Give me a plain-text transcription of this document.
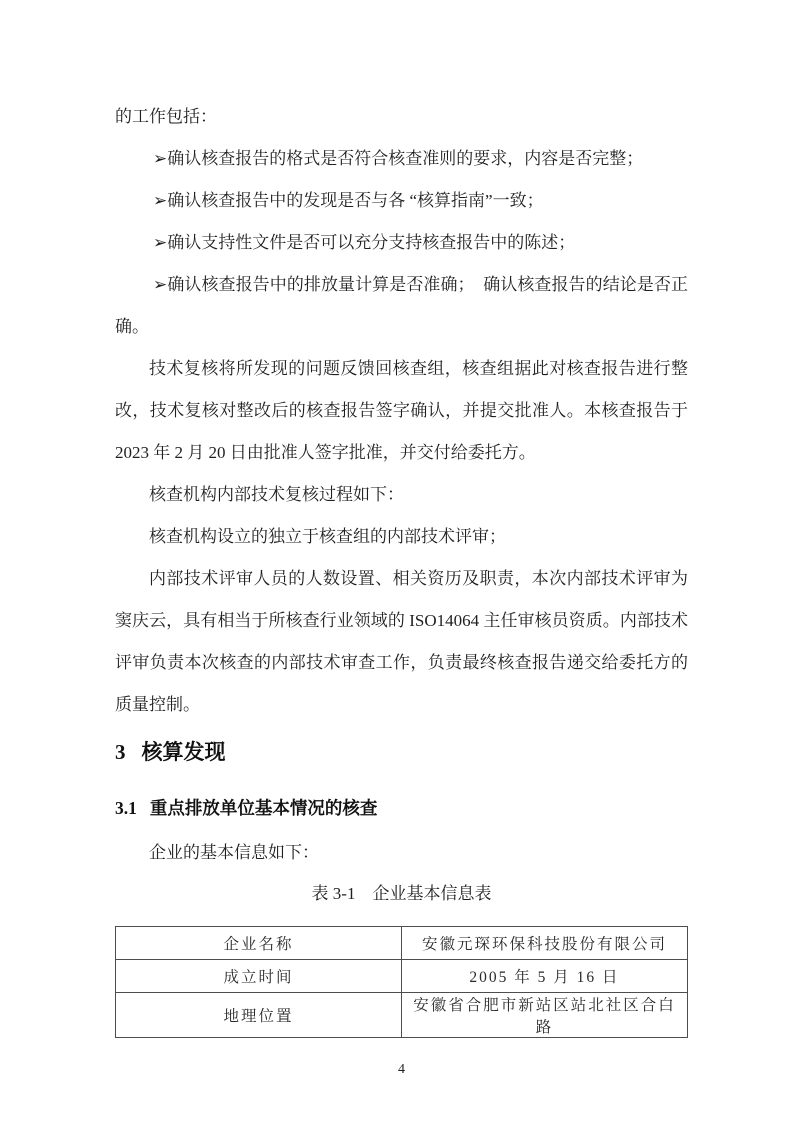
的工作包括：

➢确认核查报告的格式是否符合核查准则的要求，内容是否完整；

➢确认核查报告中的发现是否与各 “核算指南”一致；

➢确认支持性文件是否可以充分支持核查报告中的陈述；

➢确认核查报告中的排放量计算是否准确；　确认核查报告的结论是否正确。

技术复核将所发现的问题反馈回核查组，核查组据此对核查报告进行整改，技术复核对整改后的核查报告签字确认，并提交批准人。本核查报告于 2023 年 2 月 20 日由批准人签字批准，并交付给委托方。

核查机构内部技术复核过程如下：

核查机构设立的独立于核查组的内部技术评审；

内部技术评审人员的人数设置、相关资历及职责，本次内部技术评审为窦庆云，具有相当于所核查行业领域的 ISO14064 主任审核员资质。内部技术评审负责本次核查的内部技术审查工作，负责最终核查报告递交给委托方的质量控制。

3 核算发现
3.1 重点排放单位基本情况的核查

企业的基本信息如下：

表 3-1　企业基本信息表

企业名称	安徽元琛环保科技股份有限公司
成立时间	2005 年 5 月 16 日
地理位置	安徽省合肥市新站区站北社区合白路
4
